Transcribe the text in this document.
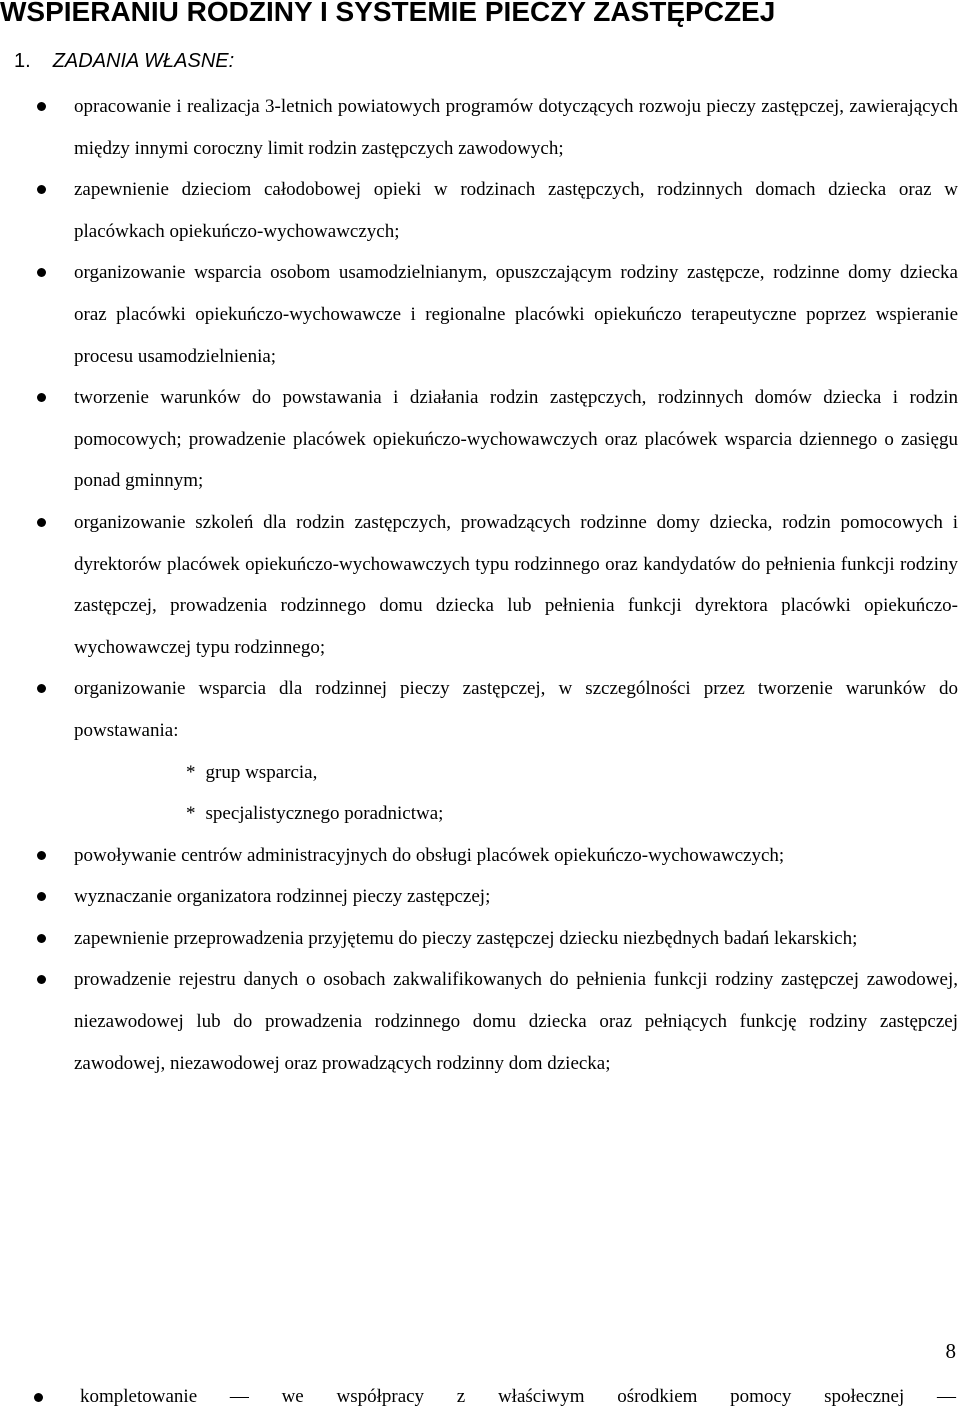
WSPIERANIU RODZINY I SYSTEMIE PIECZY ZASTĘPCZEJ
1. ZADANIA WŁASNE:
opracowanie i realizacja 3-letnich powiatowych programów dotyczących rozwoju pieczy zastępczej, zawierających między innymi coroczny limit rodzin zastępczych zawodowych;
zapewnienie dzieciom całodobowej opieki w rodzinach zastępczych, rodzinnych domach dziecka oraz w placówkach opiekuńczo-wychowawczych;
organizowanie wsparcia osobom usamodzielnianym, opuszczającym rodziny zastępcze, rodzinne domy dziecka oraz placówki opiekuńczo-wychowawcze i regionalne placówki opiekuńczo terapeutyczne poprzez wspieranie procesu usamodzielnienia;
tworzenie warunków do powstawania i działania rodzin zastępczych, rodzinnych domów dziecka i rodzin pomocowych; prowadzenie placówek opiekuńczo-wychowawczych oraz placówek wsparcia dziennego o zasięgu ponad gminnym;
organizowanie szkoleń dla rodzin zastępczych, prowadzących rodzinne domy dziecka, rodzin pomocowych i dyrektorów placówek opiekuńczo-wychowawczych typu rodzinnego oraz kandydatów do pełnienia funkcji rodziny zastępczej, prowadzenia rodzinnego domu dziecka lub pełnienia funkcji dyrektora placówki opiekuńczo-wychowawczej typu rodzinnego;
organizowanie wsparcia dla rodzinnej pieczy zastępczej, w szczególności przez tworzenie warunków do powstawania:
* grup wsparcia,
* specjalistycznego poradnictwa;
powoływanie centrów administracyjnych do obsługi placówek opiekuńczo-wychowawczych;
wyznaczanie organizatora rodzinnej pieczy zastępczej;
zapewnienie przeprowadzenia przyjętemu do pieczy zastępczej dziecku niezbędnych badań lekarskich;
prowadzenie rejestru danych o osobach zakwalifikowanych do pełnienia funkcji rodziny zastępczej zawodowej, niezawodowej lub do prowadzenia rodzinnego domu dziecka oraz pełniących funkcję rodziny zastępczej zawodowej, niezawodowej oraz prowadzących rodzinny dom dziecka;
8
kompletowanie — we współpracy z właściwym ośrodkiem pomocy społecznej —
